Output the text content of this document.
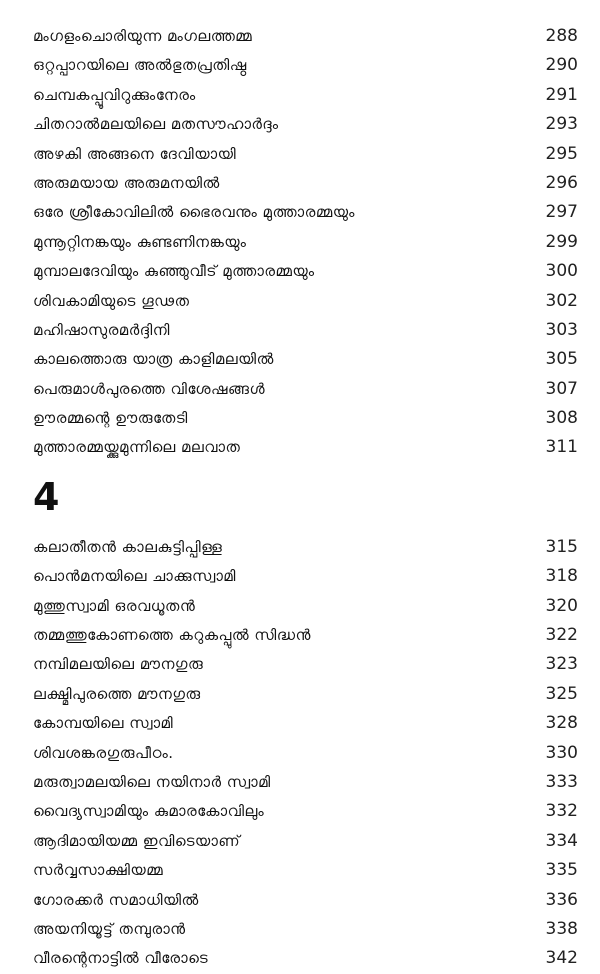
മംഗളംചൊരിയുന്ന മംഗലത്തമ്മ	288
ഒറ്റപ്പാറയിലെ അൽഭുതപ്രതിഷ്ഠ	290
ചെമ്പകപ്പൂവിറുക്കുംനേരം	291
ചിതറാൽമലയിലെ മതസൗഹാർദ്ദം	293
അഴകി അങ്ങനെ ദേവിയായി	295
അരുമയായ അരുമനയിൽ	296
ഒരേ ശ്രീകോവിലിൽ ഭൈരവനും മുത്താരമ്മയും	297
മുന്നൂറ്റിനങ്കയും കുണ്ടണിനങ്കയും	299
മുമ്പാലദേവിയും കുഞ്ഞുവീട് മുത്താരമ്മയും	300
ശിവകാമിയുടെ ഗൂഢത	302
മഹിഷാസുരമർദ്ദിനി	303
കാലത്തൊരു യാത്ര കാളിമലയിൽ	305
പെരുമാൾപുരത്തെ വിശേഷങ്ങൾ	307
ഊരമ്മന്റെ ഊരുതേടി	308
മുത്താരമ്മയ്ക്കുമുന്നിലെ മലവാത	311
4
കലാതീതൻ കാലകുട്ടിപ്പിള്ള	315
പൊൻമനയിലെ ചാക്കുസ്വാമി	318
മുത്തുസ്വാമി ഒരവധൂതൻ	320
തമ്മത്തുകോണത്തെ കറുകപ്പുൽ സിദ്ധൻ	322
നമ്പിമലയിലെ മൗനഗുരു	323
ലക്ഷ്മിപുരത്തെ മൗനഗുരു	325
കോമ്പയിലെ സ്വാമി	328
ശിവശങ്കരഗുരുപീഠം.	330
മരുത്വാമലയിലെ നയിനാർ സ്വാമി	333
വൈദ്യസ്വാമിയും കുമാരകോവിലും	332
ആദിമായിയമ്മ ഇവിടെയാണ്	334
സർവ്വസാക്ഷിയമ്മ	335
ഗോരക്കർ സമാധിയിൽ	336
അയനിയൂട്ട് തമ്പുരാൻ	338
വീരന്റെനാട്ടിൽ വീരോടെ	342
